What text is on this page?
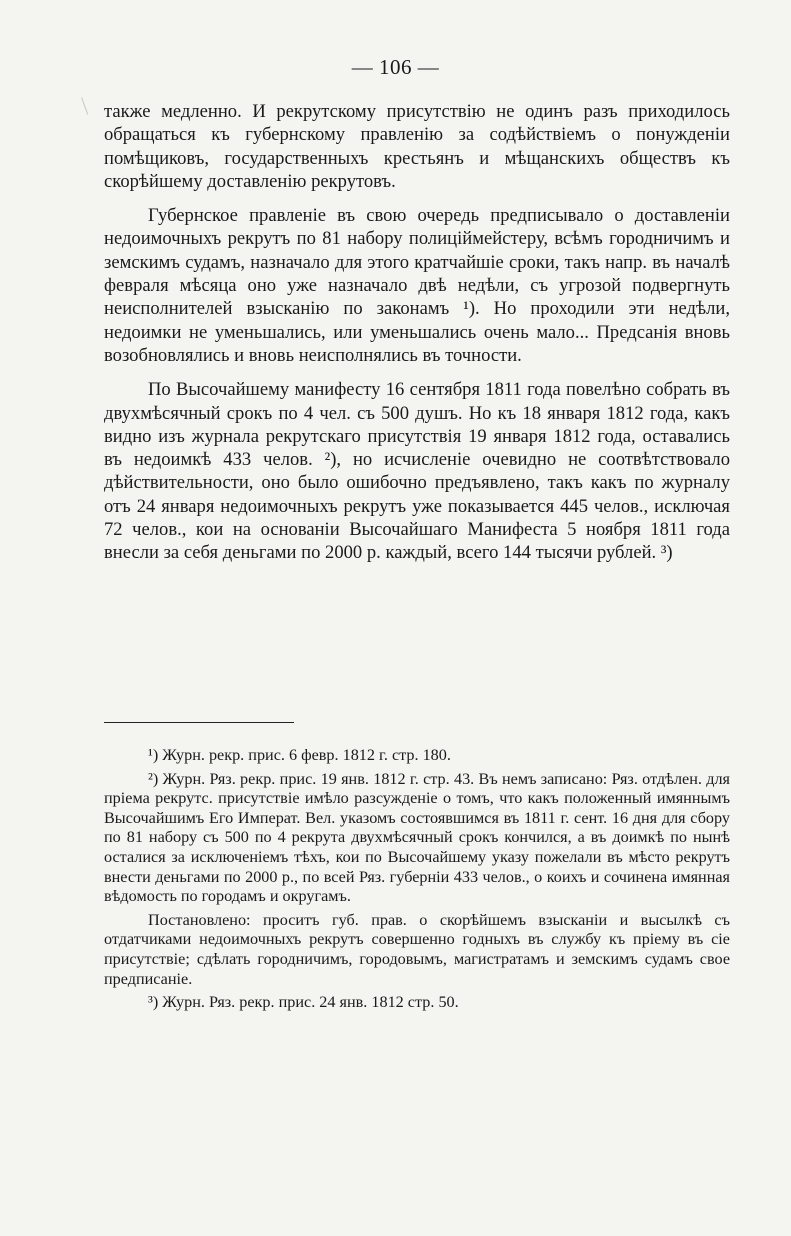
— 106 —

также медленно. И рекрутскому присутствію не одинъ разъ приходилось обращаться къ губернскому правленію за содѣйствіемъ о понужденіи помѣщиковъ, государственныхъ крестьянъ и мѣщанскихъ обществъ къ скорѣйшему доставленію рекрутовъ.

Губернское правленіе въ свою очередь предписывало о доставленіи недоимочныхъ рекрутъ по 81 набору полиціймейстеру, всѣмъ городничимъ и земскимъ судамъ, назначало для этого кратчайшіе сроки, такъ напр. въ началѣ февраля мѣсяца оно уже назначало двѣ недѣли, съ угрозой подвергнуть неисполнителей взысканію по законамъ ¹). Но проходили эти недѣли, недоимки не уменьшались, или уменьшались очень мало... Предсанія вновь возобновлялись и вновь неисполнялись въ точности.

По Высочайшему манифесту 16 сентября 1811 года повелѣно собрать въ двухмѣсячный срокъ по 4 чел. съ 500 душъ. Но къ 18 января 1812 года, какъ видно изъ журнала рекрутскаго присутствія 19 января 1812 года, оставались въ недоимкѣ 433 челов. ²), но исчисленіе очевидно не соотвѣтствовало дѣйствительности, оно было ошибочно предъявлено, такъ какъ по журналу отъ 24 января недоимочныхъ рекрутъ уже показывается 445 челов., исключая 72 челов., кои на основаніи Высочайшаго Манифеста 5 ноября 1811 года внесли за себя деньгами по 2000 р. каждый, всего 144 тысячи рублей. ³)

¹) Журн. рекр. прис. 6 февр. 1812 г. стр. 180.

²) Журн. Ряз. рекр. прис. 19 янв. 1812 г. стр. 43. Въ немъ записано: Ряз. отдѣлен. для пріема рекрутс. присутствіе имѣло разсужденіе о томъ, что какъ положенный имяннымъ Высочайшимъ Его Императ. Вел. указомъ состоявшимся въ 1811 г. сент. 16 дня для сбору по 81 набору съ 500 по 4 рекрута двухмѣсячный срокъ кончился, а въ доимкѣ по нынѣ осталися за исключеніемъ тѣхъ, кои по Высочайшему указу пожелали въ мѣсто рекрутъ внести деньгами по 2000 р., по всей Ряз. губерніи 433 челов., о коихъ и сочинена имянная вѣдомость по городамъ и округамъ.

Постановлено: проситъ губ. прав. о скорѣйшемъ взысканіи и высылкѣ съ отдатчиками недоимочныхъ рекрутъ совершенно годныхъ въ службу къ пріему въ сіе присутствіе; сдѣлать городничимъ, городовымъ, магистратамъ и земскимъ судамъ свое предписаніе.

³) Журн. Ряз. рекр. прис. 24 янв. 1812 стр. 50.
